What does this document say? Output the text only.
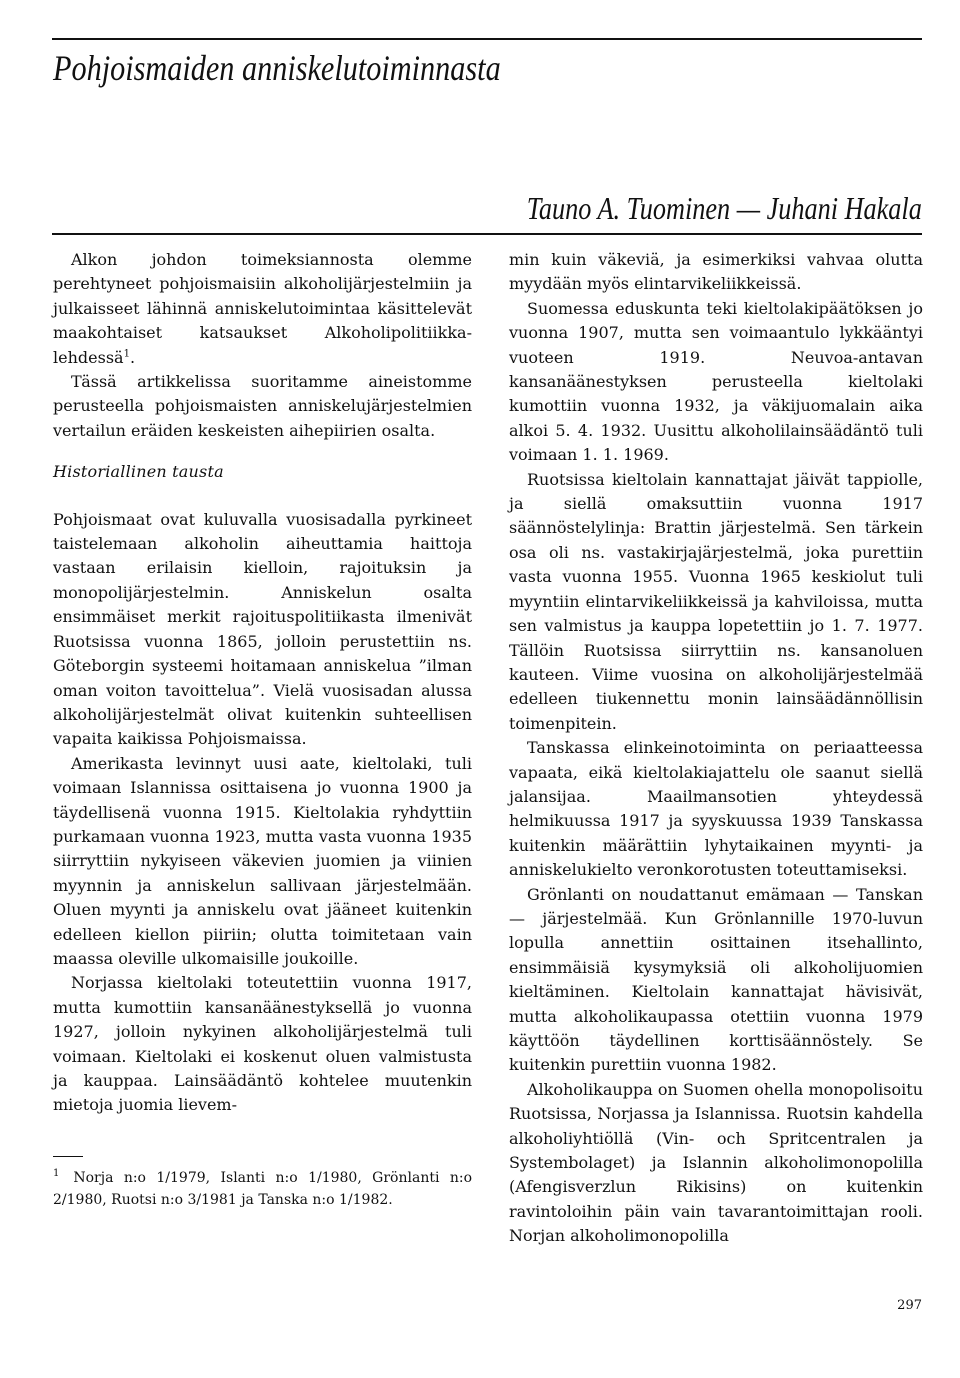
Pohjoismaiden anniskelutoiminnasta
Tauno A. Tuominen — Juhani Hakala

Alkon johdon toimeksiannosta olemme perehtyneet pohjoismaisiin alkoholijärjestelmiin ja julkaisseet lähinnä anniskelutoimintaa käsittelevät maakohtaiset katsaukset Alkoholipolitiikka-lehdessä$^1$.

Tässä artikkelissa suoritamme aineistomme perusteella pohjoismaisten anniskelujärjestelmien vertailun eräiden keskeisten aihepiirien osalta.

Historiallinen tausta

Pohjoismaat ovat kuluvalla vuosisadalla pyrkineet taistelemaan alkoholin aiheuttamia haittoja vastaan erilaisin kielloin, rajoituksin ja monopolijärjestelmin. Anniskelun osalta ensimmäiset merkit rajoituspolitiikasta ilmenivät Ruotsissa vuonna 1865, jolloin perustettiin ns. Göteborgin systeemi hoitamaan anniskelua ”ilman oman voiton tavoittelua”. Vielä vuosisadan alussa alkoholijärjestelmät olivat kuitenkin suhteellisen vapaita kaikissa Pohjoismaissa.

Amerikasta levinnyt uusi aate, kieltolaki, tuli voimaan Islannissa osittaisena jo vuonna 1900 ja täydellisenä vuonna 1915. Kieltolakia ryhdyttiin purkamaan vuonna 1923, mutta vasta vuonna 1935 siirryttiin nykyiseen väkevien juomien ja viinien myynnin ja anniskelun sallivaan järjestelmään. Oluen myynti ja anniskelu ovat jääneet kuitenkin edelleen kiellon piiriin; olutta toimitetaan vain maassa oleville ulkomaisille joukoille.

Norjassa kieltolaki toteutettiin vuonna 1917, mutta kumottiin kansanäänestyksellä jo vuonna 1927, jolloin nykyinen alkoholijärjestelmä tuli voimaan. Kieltolaki ei koskenut oluen valmistusta ja kauppaa. Lainsäädäntö kohtelee muutenkin mietoja juomia lievem-

$^1$ Norja n:o 1/1979, Islanti n:o 1/1980, Grönlanti n:o 2/1980, Ruotsi n:o 3/1981 ja Tanska n:o 1/1982.

min kuin väkeviä, ja esimerkiksi vahvaa olutta myydään myös elintarvikeliikkeissä.

Suomessa eduskunta teki kieltolakipäätöksen jo vuonna 1907, mutta sen voimaantulo lykkääntyi vuoteen 1919. Neuvoa-antavan kansanäänestyksen perusteella kieltolaki kumottiin vuonna 1932, ja väkijuomalain aika alkoi 5. 4. 1932. Uusittu alkoholilainsäädäntö tuli voimaan 1. 1. 1969.

Ruotsissa kieltolain kannattajat jäivät tappiolle, ja siellä omaksuttiin vuonna 1917 säännöstelylinja: Brattin järjestelmä. Sen tärkein osa oli ns. vastakirjajärjestelmä, joka purettiin vasta vuonna 1955. Vuonna 1965 keskiolut tuli myyntiin elintarvikeliikkeissä ja kahviloissa, mutta sen valmistus ja kauppa lopetettiin jo 1. 7. 1977. Tällöin Ruotsissa siirryttiin ns. kansanoluen kauteen. Viime vuosina on alkoholijärjestelmää edelleen tiukennettu monin lainsäädännöllisin toimenpitein.

Tanskassa elinkeinotoiminta on periaatteessa vapaata, eikä kieltolakiajattelu ole saanut siellä jalansijaa. Maailmansotien yhteydessä helmikuussa 1917 ja syyskuussa 1939 Tanskassa kuitenkin määrättiin lyhytaikainen myynti- ja anniskelukielto veronkorotusten toteuttamiseksi.

Grönlanti on noudattanut emämaan — Tanskan — järjestelmää. Kun Grönlannille 1970-luvun lopulla annettiin osittainen itsehallinto, ensimmäisiä kysymyksiä oli alkoholijuomien kieltäminen. Kieltolain kannattajat hävisivät, mutta alkoholikaupassa otettiin vuonna 1979 käyttöön täydellinen korttisäännöstely. Se kuitenkin purettiin vuonna 1982.

Alkoholikauppa on Suomen ohella monopolisoitu Ruotsissa, Norjassa ja Islannissa. Ruotsin kahdella alkoholiyhtiöllä (Vin- och Spritcentralen ja Systembolaget) ja Islannin alkoholimonopolilla (Afengisverzlun Rikisins) on kuitenkin ravintoloihin päin vain tavarantoimittajan rooli. Norjan alkoholimonopolilla

297
